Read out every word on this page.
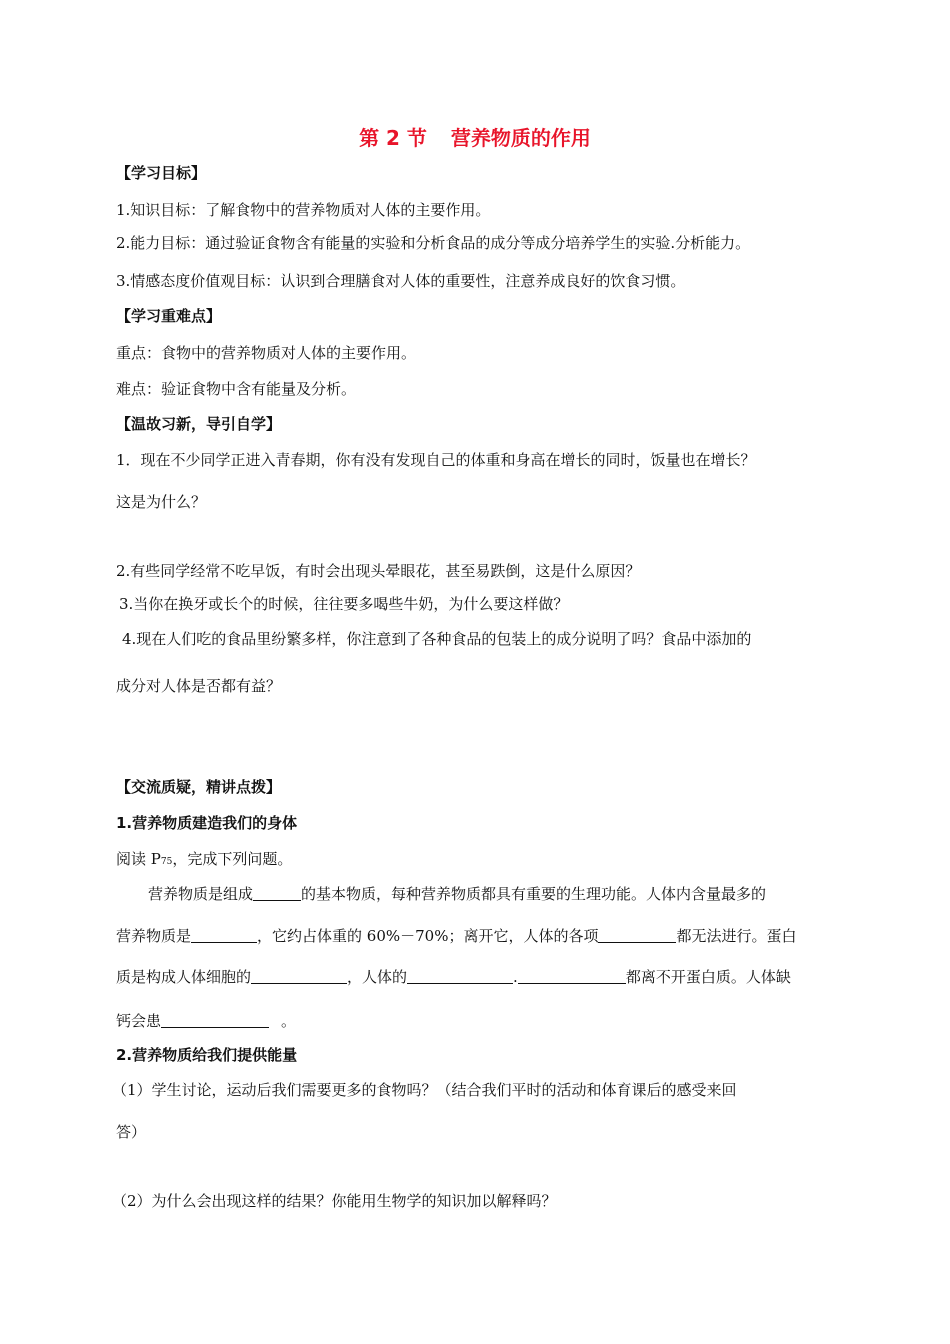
第 2 节 营养物质的作用
【学习目标】
1.知识目标：了解食物中的营养物质对人体的主要作用。
2.能力目标：通过验证食物含有能量的实验和分析食品的成分等成分培养学生的实验.分析能力。
3.情感态度价值观目标：认识到合理膳食对人体的重要性，注意养成良好的饮食习惯。
【学习重难点】
重点：食物中的营养物质对人体的主要作用。
难点：验证食物中含有能量及分析。
【温故习新，导引自学】
1．现在不少同学正进入青春期，你有没有发现自己的体重和身高在增长的同时，饭量也在增长？
这是为什么？
2.有些同学经常不吃早饭，有时会出现头晕眼花，甚至易跌倒，这是什么原因？
3.当你在换牙或长个的时候，往往要多喝些牛奶，为什么要这样做？
4.现在人们吃的食品里纷繁多样，你注意到了各种食品的包装上的成分说明了吗？食品中添加的
成分对人体是否都有益？
【交流质疑，精讲点拨】
1.营养物质建造我们的身体
阅读 P75，完成下列问题。
营养物质是组成	的基本物质，每种营养物质都具有重要的生理功能。人体内含量最多的
营养物质是	，它约占体重的 60%－70%；离开它，人体的各项	都无法进行。蛋白
质是构成人体细胞的	，人体的	.	都离不开蛋白质。人体缺
钙会患	。
2.营养物质给我们提供能量
（1）学生讨论，运动后我们需要更多的食物吗？（结合我们平时的活动和体育课后的感受来回
答）
（2）为什么会出现这样的结果？你能用生物学的知识加以解释吗？
